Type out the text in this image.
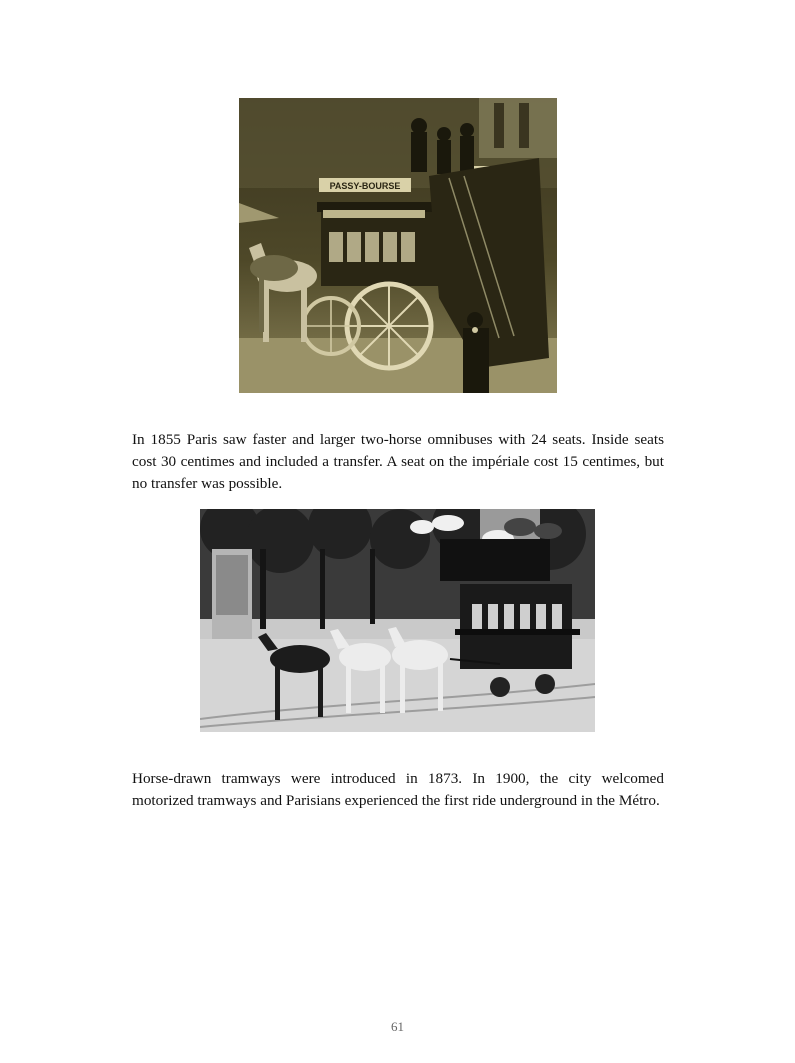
PASSY-BOURSE

In 1855 Paris saw faster and larger two-horse omnibuses with 24 seats. Inside seats cost 30 centimes and included a transfer. A seat on the impériale cost 15 centimes, but no transfer was possible.

Horse-drawn tramways were introduced in 1873. In 1900, the city welcomed motorized tramways and Parisians experienced the first ride underground in the Métro.

61
